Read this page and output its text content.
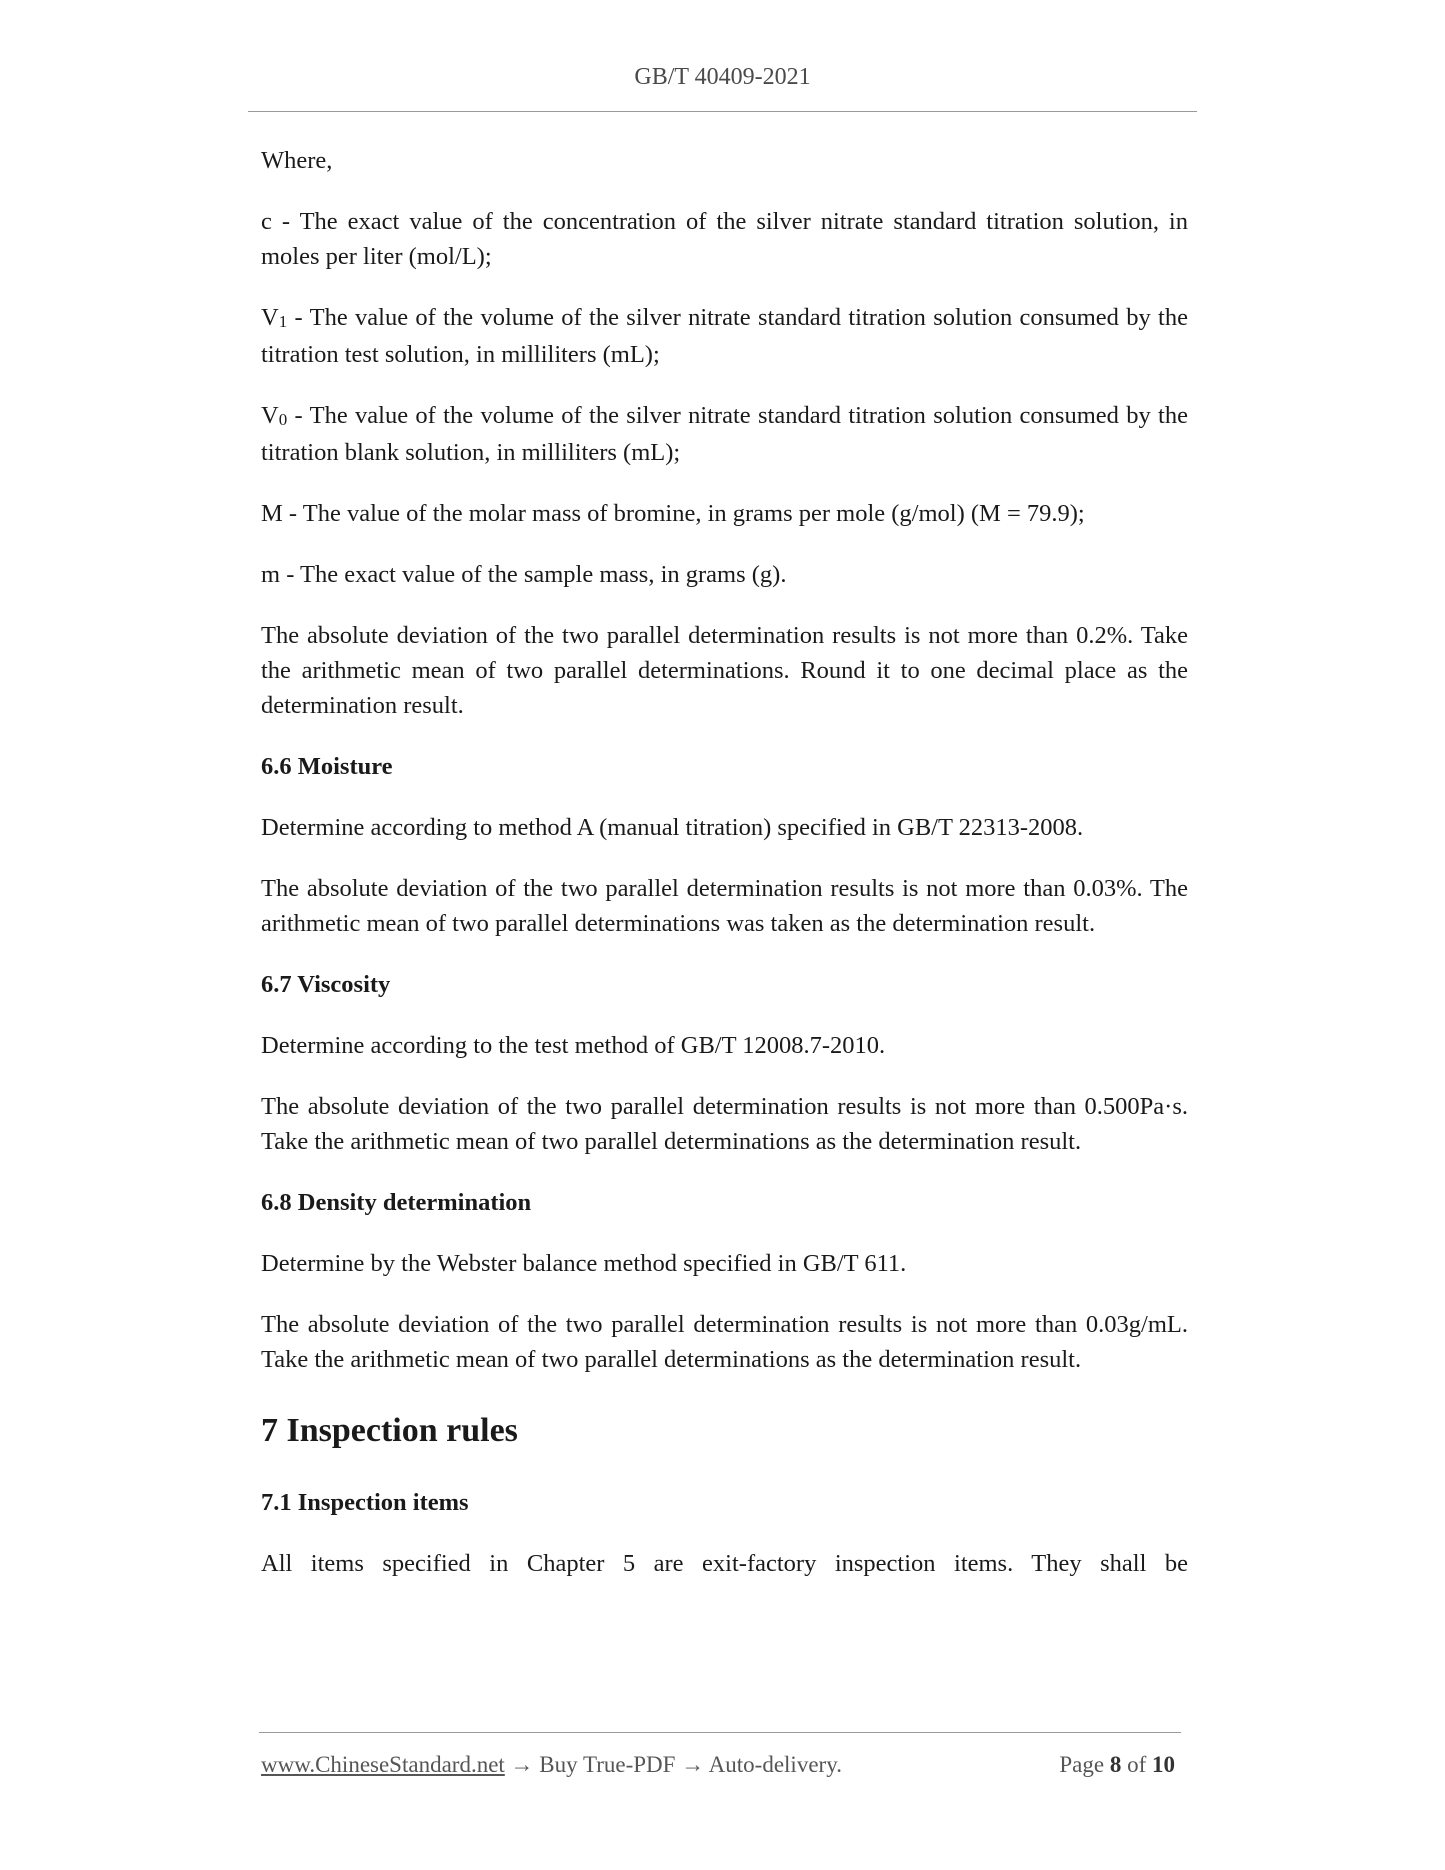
GB/T 40409-2021

Where,

c - The exact value of the concentration of the silver nitrate standard titration solution, in moles per liter (mol/L);

V1 - The value of the volume of the silver nitrate standard titration solution consumed by the titration test solution, in milliliters (mL);

V0 - The value of the volume of the silver nitrate standard titration solution consumed by the titration blank solution, in milliliters (mL);

M - The value of the molar mass of bromine, in grams per mole (g/mol) (M = 79.9);

m - The exact value of the sample mass, in grams (g).

The absolute deviation of the two parallel determination results is not more than 0.2%. Take the arithmetic mean of two parallel determinations. Round it to one decimal place as the determination result.

6.6 Moisture

Determine according to method A (manual titration) specified in GB/T 22313-2008.

The absolute deviation of the two parallel determination results is not more than 0.03%. The arithmetic mean of two parallel determinations was taken as the determination result.

6.7 Viscosity

Determine according to the test method of GB/T 12008.7-2010.

The absolute deviation of the two parallel determination results is not more than 0.500Pa·s. Take the arithmetic mean of two parallel determinations as the determination result.

6.8 Density determination

Determine by the Webster balance method specified in GB/T 611.

The absolute deviation of the two parallel determination results is not more than 0.03g/mL. Take the arithmetic mean of two parallel determinations as the determination result.

7 Inspection rules
7.1 Inspection items

All items specified in Chapter 5 are exit-factory inspection items. They shall be

www.ChineseStandard.net → Buy True-PDF → Auto-delivery.	Page 8 of 10
